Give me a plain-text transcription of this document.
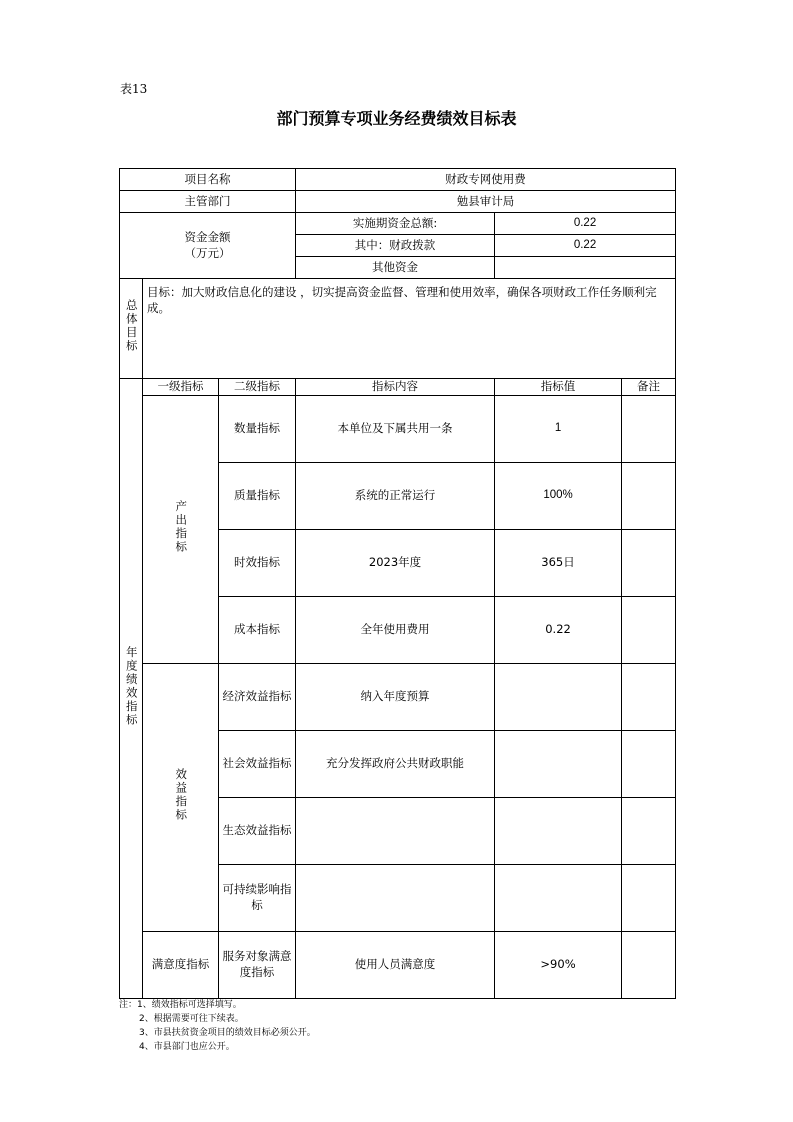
表13
部门预算专项业务经费绩效目标表
项目名称			财政专网使用费		
主管部门			勉县审计局		

资金金额
（万元）			实施期资金总额:	0.22	
			其中：财政拨款	0.22	
			其他资金		
总体目标	目标：加大财政信息化的建设 ，切实提高资金监督、管理和使用效率，确保各项财政工作任务顺利完成。				
年度绩效指标	一级指标	二级指标	指标内容	指标值	备注
	产出指标	数量指标	本单位及下属共用一条	1	
		质量指标	系统的正常运行	100%	
		时效指标	2023年度	365日	
		成本指标	全年使用费用	0.22	
	效益指标	经济效益指标	纳入年度预算		
		社会效益指标	充分发挥政府公共财政职能		
		生态效益指标			
		可持续影响指标			
	满意度指标	服务对象满意度指标	使用人员满意度	>90%	
注：1、绩效指标可选择填写。
2、根据需要可往下续表。
3、市县扶贫资金项目的绩效目标必须公开。
4、市县部门也应公开。
